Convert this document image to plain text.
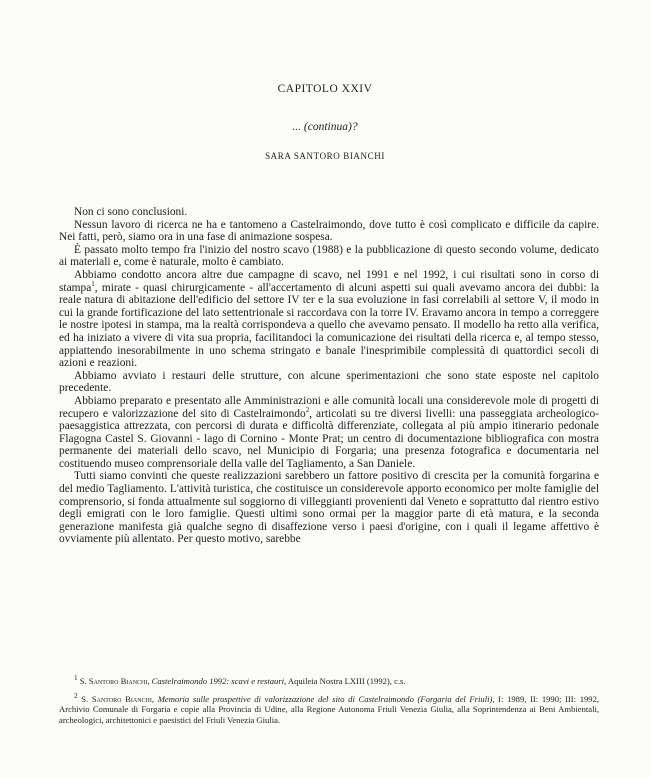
CAPITOLO XXIV
... (continua)?
SARA SANTORO BIANCHI

Non ci sono conclusioni.

Nessun lavoro di ricerca ne ha e tantomeno a Castelraimondo, dove tutto è così complicato e difficile da capire. Nei fatti, però, siamo ora in una fase di animazione sospesa.

È passato molto tempo fra l'inizio del nostro scavo (1988) e la pubblicazione di questo secondo volume, dedicato ai materiali e, come è naturale, molto è cambiato.

Abbiamo condotto ancora altre due campagne di scavo, nel 1991 e nel 1992, i cui risultati sono in corso di stampa$^1$, mirate - quasi chirurgicamente - all'accertamento di alcuni aspetti sui quali avevamo ancora dei dubbi: la reale natura di abitazione dell'edificio del settore IV ter e la sua evoluzione in fasi correlabili al settore V, il modo in cui la grande fortificazione del lato settentrionale si raccordava con la torre IV. Eravamo ancora in tempo a correggere le nostre ipotesi in stampa, ma la realtà corrispondeva a quello che avevamo pensato. Il modello ha retto alla verifica, ed ha iniziato a vivere di vita sua propria, facilitandoci la comunicazione dei risultati della ricerca e, al tempo stesso, appiattendo inesorabilmente in uno schema stringato e banale l'inesprimibile complessità di quattordici secoli di azioni e reazioni.

Abbiamo avviato i restauri delle strutture, con alcune sperimentazioni che sono state esposte nel capitolo precedente.

Abbiamo preparato e presentato alle Amministrazioni e alle comunità locali una considerevole mole di progetti di recupero e valorizzazione del sito di Castelraimondo$^2$, articolati su tre diversi livelli: una passeggiata archeologico-paesaggistica attrezzata, con percorsi di durata e difficoltà differenziate, collegata al più ampio itinerario pedonale Flagogna Castel S. Giovanni - lago di Cornino - Monte Prat; un centro di documentazione bibliografica con mostra permanente dei materiali dello scavo, nel Municipio di Forgaria; una presenza fotografica e documentaria nel costituendo museo comprensoriale della valle del Tagliamento, a San Daniele.

Tutti siamo convinti che queste realizzazioni sarebbero un fattore positivo di crescita per la comunità forgarina e del medio Tagliamento. L'attività turistica, che costituisce un considerevole apporto economico per molte famiglie del comprensorio, si fonda attualmente sul soggiorno di villeggianti provenienti dal Veneto e soprattutto dal rientro estivo degli emigrati con le loro famiglie. Questi ultimi sono ormai per la maggior parte di età matura, e la seconda generazione manifesta già qualche segno di disaffezione verso i paesi d'origine, con i quali il legame affettivo è ovviamente più allentato. Per questo motivo, sarebbe

$^1$ S. Santoro Bianchi, Castelraimondo 1992: scavi e restauri, Aquileia Nostra LXIII (1992), c.s.

$^2$ S. Santoro Bianchi, Memoria sulle prospettive di valorizzazione del sito di Castelraimondo (Forgaria del Friuli), I: 1989, II: 1990; III: 1992, Archivio Comunale di Forgaria e copie alla Provincia di Udine, alla Regione Autonoma Friuli Venezia Giulia, alla Soprintendenza ai Beni Ambientali, archeologici, architettonici e paesistici del Friuli Venezia Giulia.
